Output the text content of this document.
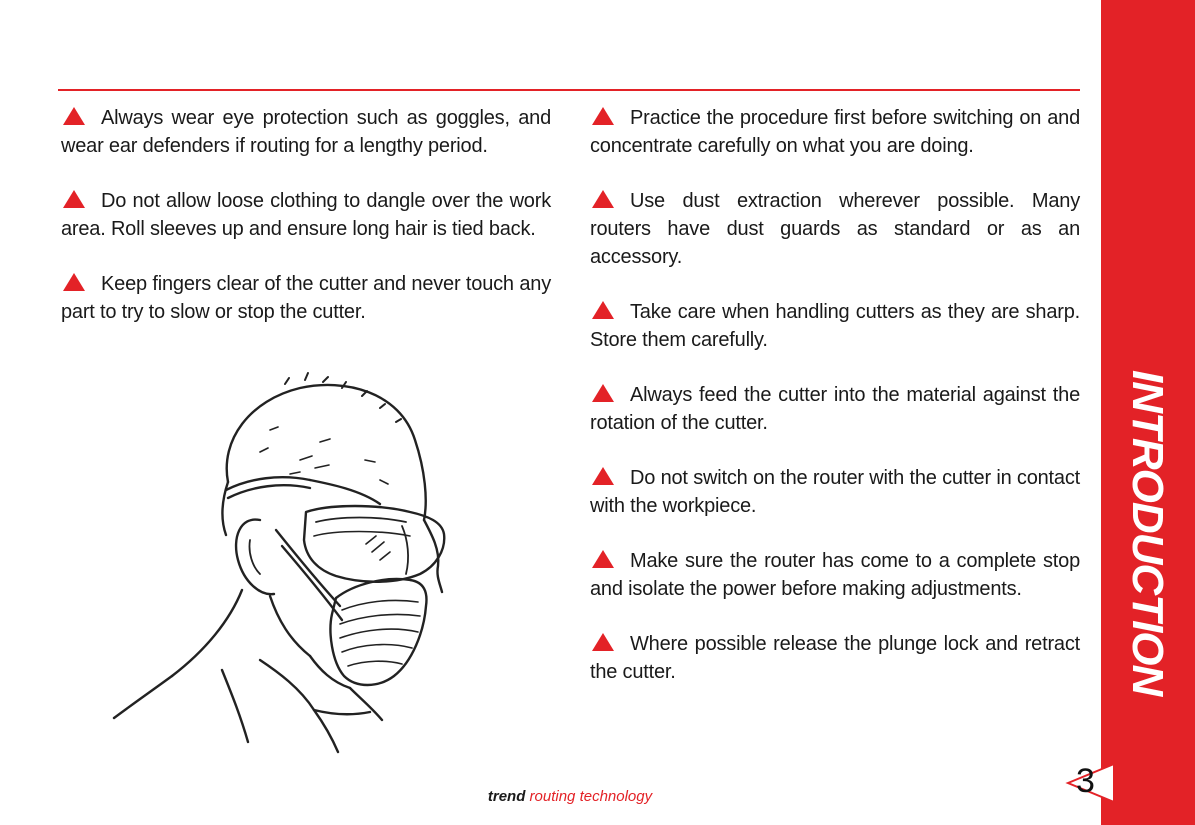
Always wear eye protection such as goggles, and wear ear defenders if routing for a lengthy period.

Do not allow loose clothing to dangle over the work area. Roll sleeves up and ensure long hair is tied back.

Keep fingers clear of the cutter and never touch any part to try to slow or stop the cutter.

Practice the procedure first before switching on and concentrate carefully on what you are doing.

Use dust extraction wherever possible. Many routers have dust guards as standard or as an accessory.

Take care when handling cutters as they are sharp. Store them carefully.

Always feed the cutter into the material against the rotation of the cutter.

Do not switch on the router with the cutter in contact with the workpiece.

Make sure the router has come to a complete stop and isolate the power before making adjustments.

Where possible release the plunge lock and retract the cutter.	INTRODUCTION
trend routing technology	3
